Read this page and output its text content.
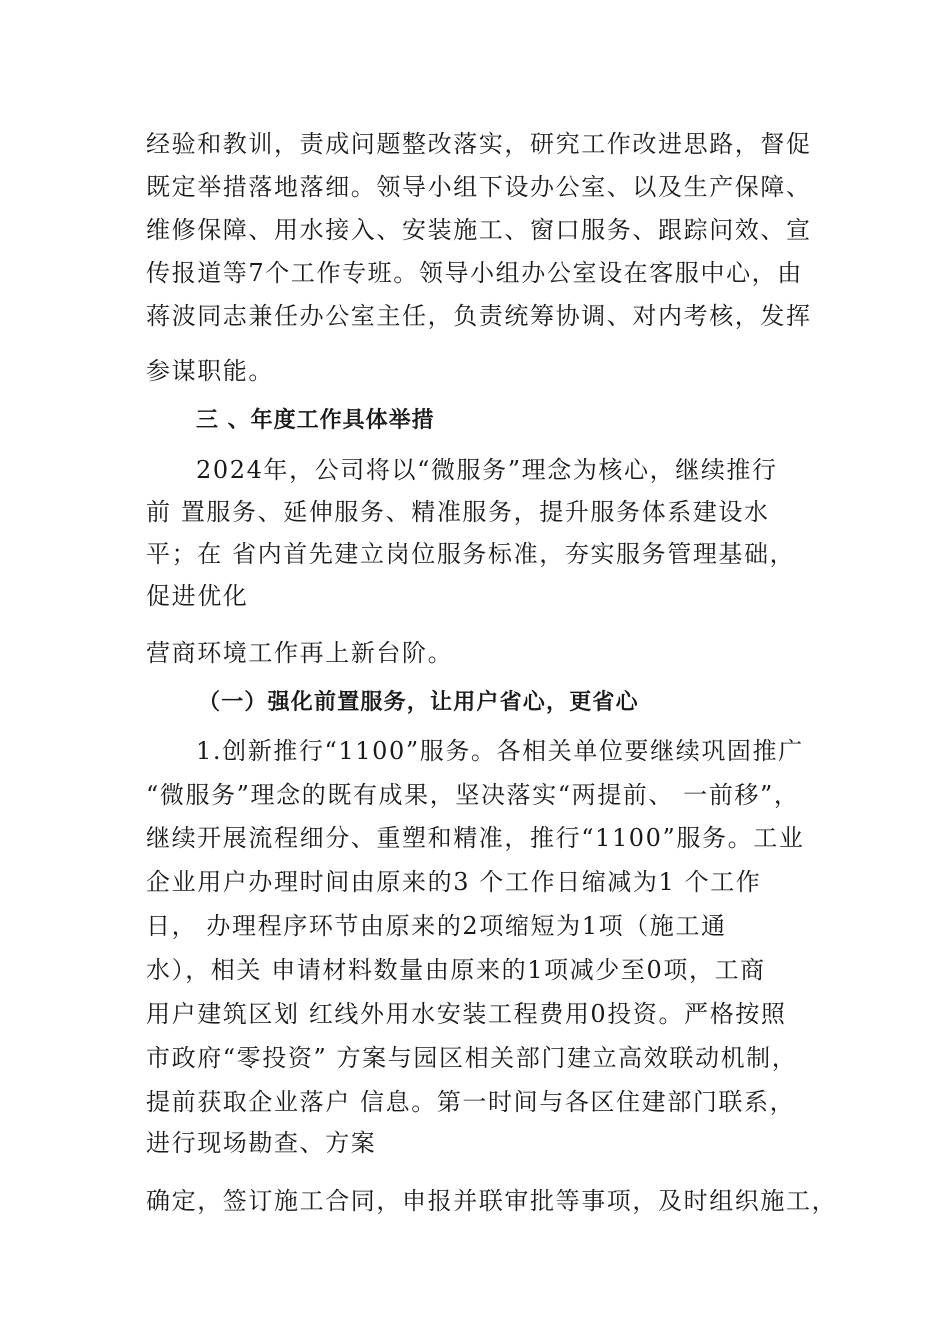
经验和教训，责成问题整改落实，研究工作改进思路，督促
既定举措落地落细。领导小组下设办公室、以及生产保障、
维修保障、用水接入、安装施工、窗口服务、跟踪问效、宣
传报道等7个工作专班。领导小组办公室设在客服中心，由
蒋波同志兼任办公室主任，负责统筹协调、对内考核，发挥
参谋职能。
三 、年度工作具体举措
2024年，公司将以“微服务”理念为核心，继续推行
前 置服务、延伸服务、精准服务，提升服务体系建设水
平；在 省内首先建立岗位服务标准，夯实服务管理基础，
促进优化
营商环境工作再上新台阶。
（一）强化前置服务，让用户省心，更省心
1.创新推行“1100”服务。各相关单位要继续巩固推广
“微服务”理念的既有成果，坚决落实“两提前、 一前移”，
继续开展流程细分、重塑和精准，推行“1100”服务。工业
企业用户办理时间由原来的3 个工作日缩减为1 个工作
日， 办理程序环节由原来的2项缩短为1项（施工通
水），相关 申请材料数量由原来的1项减少至0项，工商
用户建筑区划 红线外用水安装工程费用0投资。严格按照
市政府“零投资” 方案与园区相关部门建立高效联动机制，
提前获取企业落户 信息。第一时间与各区住建部门联系，
进行现场勘查、方案
确定，签订施工合同，申报并联审批等事项，及时组织施工，
